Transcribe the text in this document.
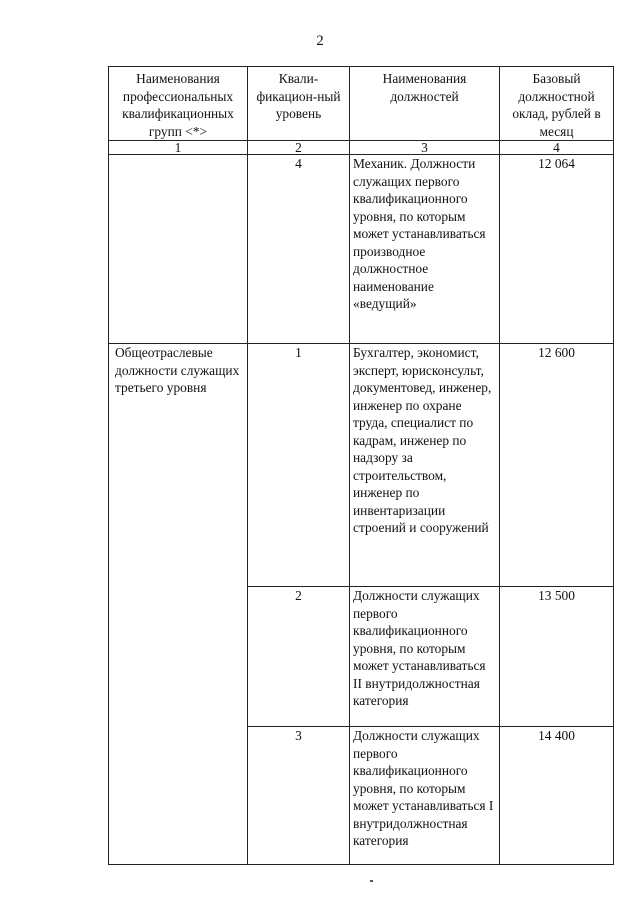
2
Наименования профессиональных квалификационных групп <*>	Квали-фикацион-ный уровень	Наименования должностей	Базовый должностной оклад, рублей в месяц
1	2	3	4
	4	Механик. Должности служащих первого квалификационного уровня, по которым может устанавливаться производное должностное наименование «ведущий»	12 064
Общеотраслевые должности служащих третьего уровня	1	Бухгалтер, экономист, эксперт, юрисконсульт, документовед, инженер, инженер по охране труда, специалист по кадрам, инженер по надзору за строительством, инженер по инвентаризации строений и сооружений	12 600
	2	Должности служащих первого квалификационного уровня, по которым может устанавливаться II внутридолжностная категория	13 500
	3	Должности служащих первого квалификационного уровня, по которым может устанавливаться I внутридолжностная категория	14 400
